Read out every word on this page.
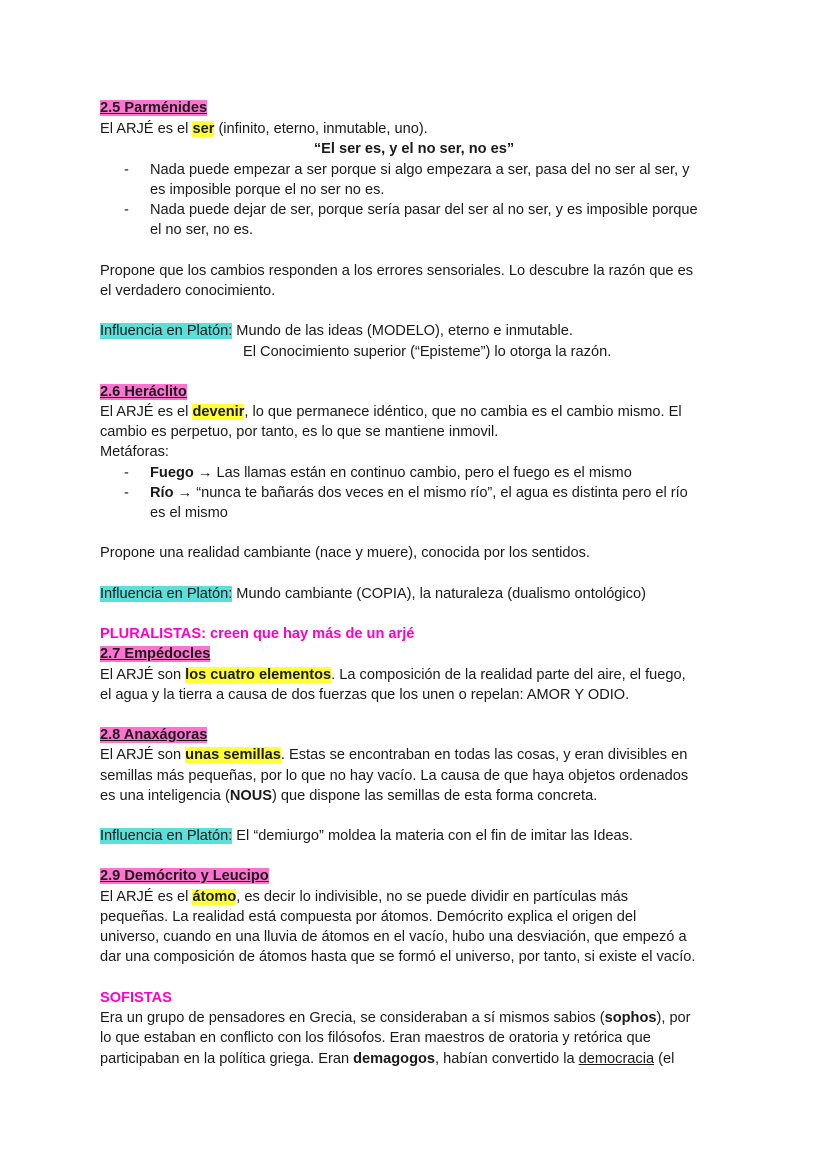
2.5 Parménides
El ARJÉ es el ser (infinito, eterno, inmutable, uno).
“El ser es, y el no ser, no es”
- Nada puede empezar a ser porque si algo empezara a ser, pasa del no ser al ser, y
es imposible porque el no ser no es.
- Nada puede dejar de ser, porque sería pasar del ser al no ser, y es imposible porque
el no ser, no es.
Propone que los cambios responden a los errores sensoriales. Lo descubre la razón que es
el verdadero conocimiento.
Influencia en Platón: Mundo de las ideas (MODELO), eterno e inmutable.
El Conocimiento superior (“Episteme”) lo otorga la razón.
2.6 Heráclito
El ARJÉ es el devenir, lo que permanece idéntico, que no cambia es el cambio mismo. El
cambio es perpetuo, por tanto, es lo que se mantiene inmovil.
Metáforas:
- Fuego → Las llamas están en continuo cambio, pero el fuego es el mismo
- Río → “nunca te bañarás dos veces en el mismo río”, el agua es distinta pero el río
es el mismo
Propone una realidad cambiante (nace y muere), conocida por los sentidos.
Influencia en Platón: Mundo cambiante (COPIA), la naturaleza (dualismo ontológico)
PLURALISTAS: creen que hay más de un arjé
2.7 Empédocles
El ARJÉ son los cuatro elementos. La composición de la realidad parte del aire, el fuego,
el agua y la tierra a causa de dos fuerzas que los unen o repelan: AMOR Y ODIO.
2.8 Anaxágoras
El ARJÉ son unas semillas. Estas se encontraban en todas las cosas, y eran divisibles en
semillas más pequeñas, por lo que no hay vacío. La causa de que haya objetos ordenados
es una inteligencia (NOUS) que dispone las semillas de esta forma concreta.
Influencia en Platón: El “demiurgo” moldea la materia con el fin de imitar las Ideas.
2.9 Demócrito y Leucipo
El ARJÉ es el átomo, es decir lo indivisible, no se puede dividir en partículas más
pequeñas. La realidad está compuesta por átomos. Demócrito explica el origen del
universo, cuando en una lluvia de átomos en el vacío, hubo una desviación, que empezó a
dar una composición de átomos hasta que se formó el universo, por tanto, si existe el vacío.
SOFISTAS
Era un grupo de pensadores en Grecia, se consideraban a sí mismos sabios (sophos), por
lo que estaban en conflicto con los filósofos. Eran maestros de oratoria y retórica que
participaban en la política griega. Eran demagogos, habían convertido la democracia (el
